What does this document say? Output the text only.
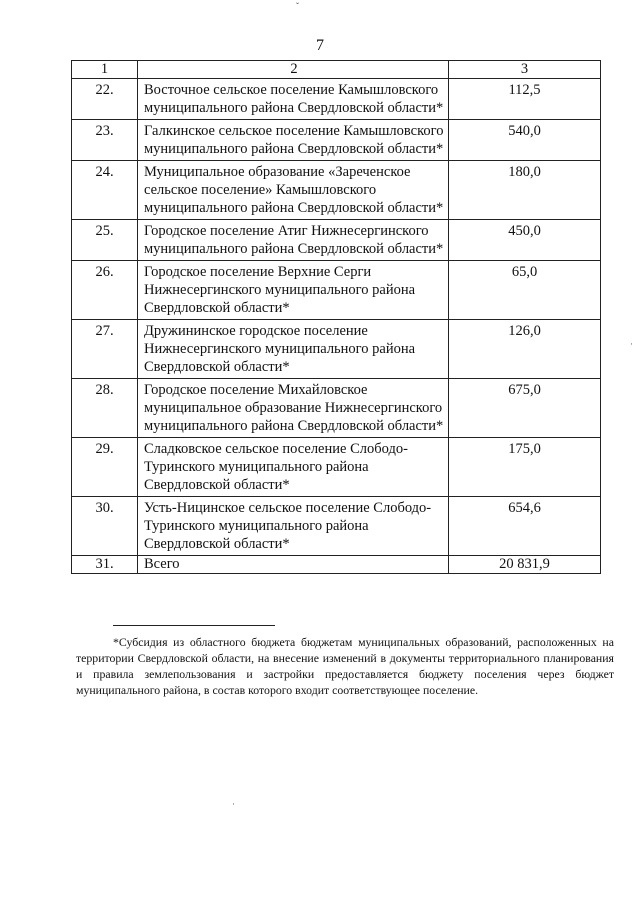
ˇ
·
·
7
1	2	3
22.	Восточное сельское поселение Камышловского муниципального района Свердловской области*	112,5
23.	Галкинское сельское поселение Камышловского муниципального района Свердловской области*	540,0
24.	Муниципальное образование «Зареченское сельское поселение» Камышловского муниципального района Свердловской области*	180,0
25.	Городское поселение Атиг Нижнесергинского муниципального района Свердловской области*	450,0
26.	Городское поселение Верхние Серги Нижнесергинского муниципального района Свердловской области*	65,0
27.	Дружининское городское поселение Нижнесергинского муниципального района Свердловской области*	126,0
28.	Городское поселение Михайловское муниципальное образование Нижнесергинского муниципального района Свердловской области*	675,0
29.	Сладковское сельское поселение Слободо-Туринского муниципального района Свердловской области*	175,0
30.	Усть-Ницинское сельское поселение Слободо-Туринского муниципального района Свердловской области*	654,6
31.	Всего	20 831,9

*Субсидия из областного бюджета бюджетам муниципальных образований, расположенных на территории Свердловской области, на внесение изменений в документы территориального планирования и правила землепользования и застройки предоставляется бюджету поселения через бюджет муниципального района, в состав которого входит соответствующее поселение.
